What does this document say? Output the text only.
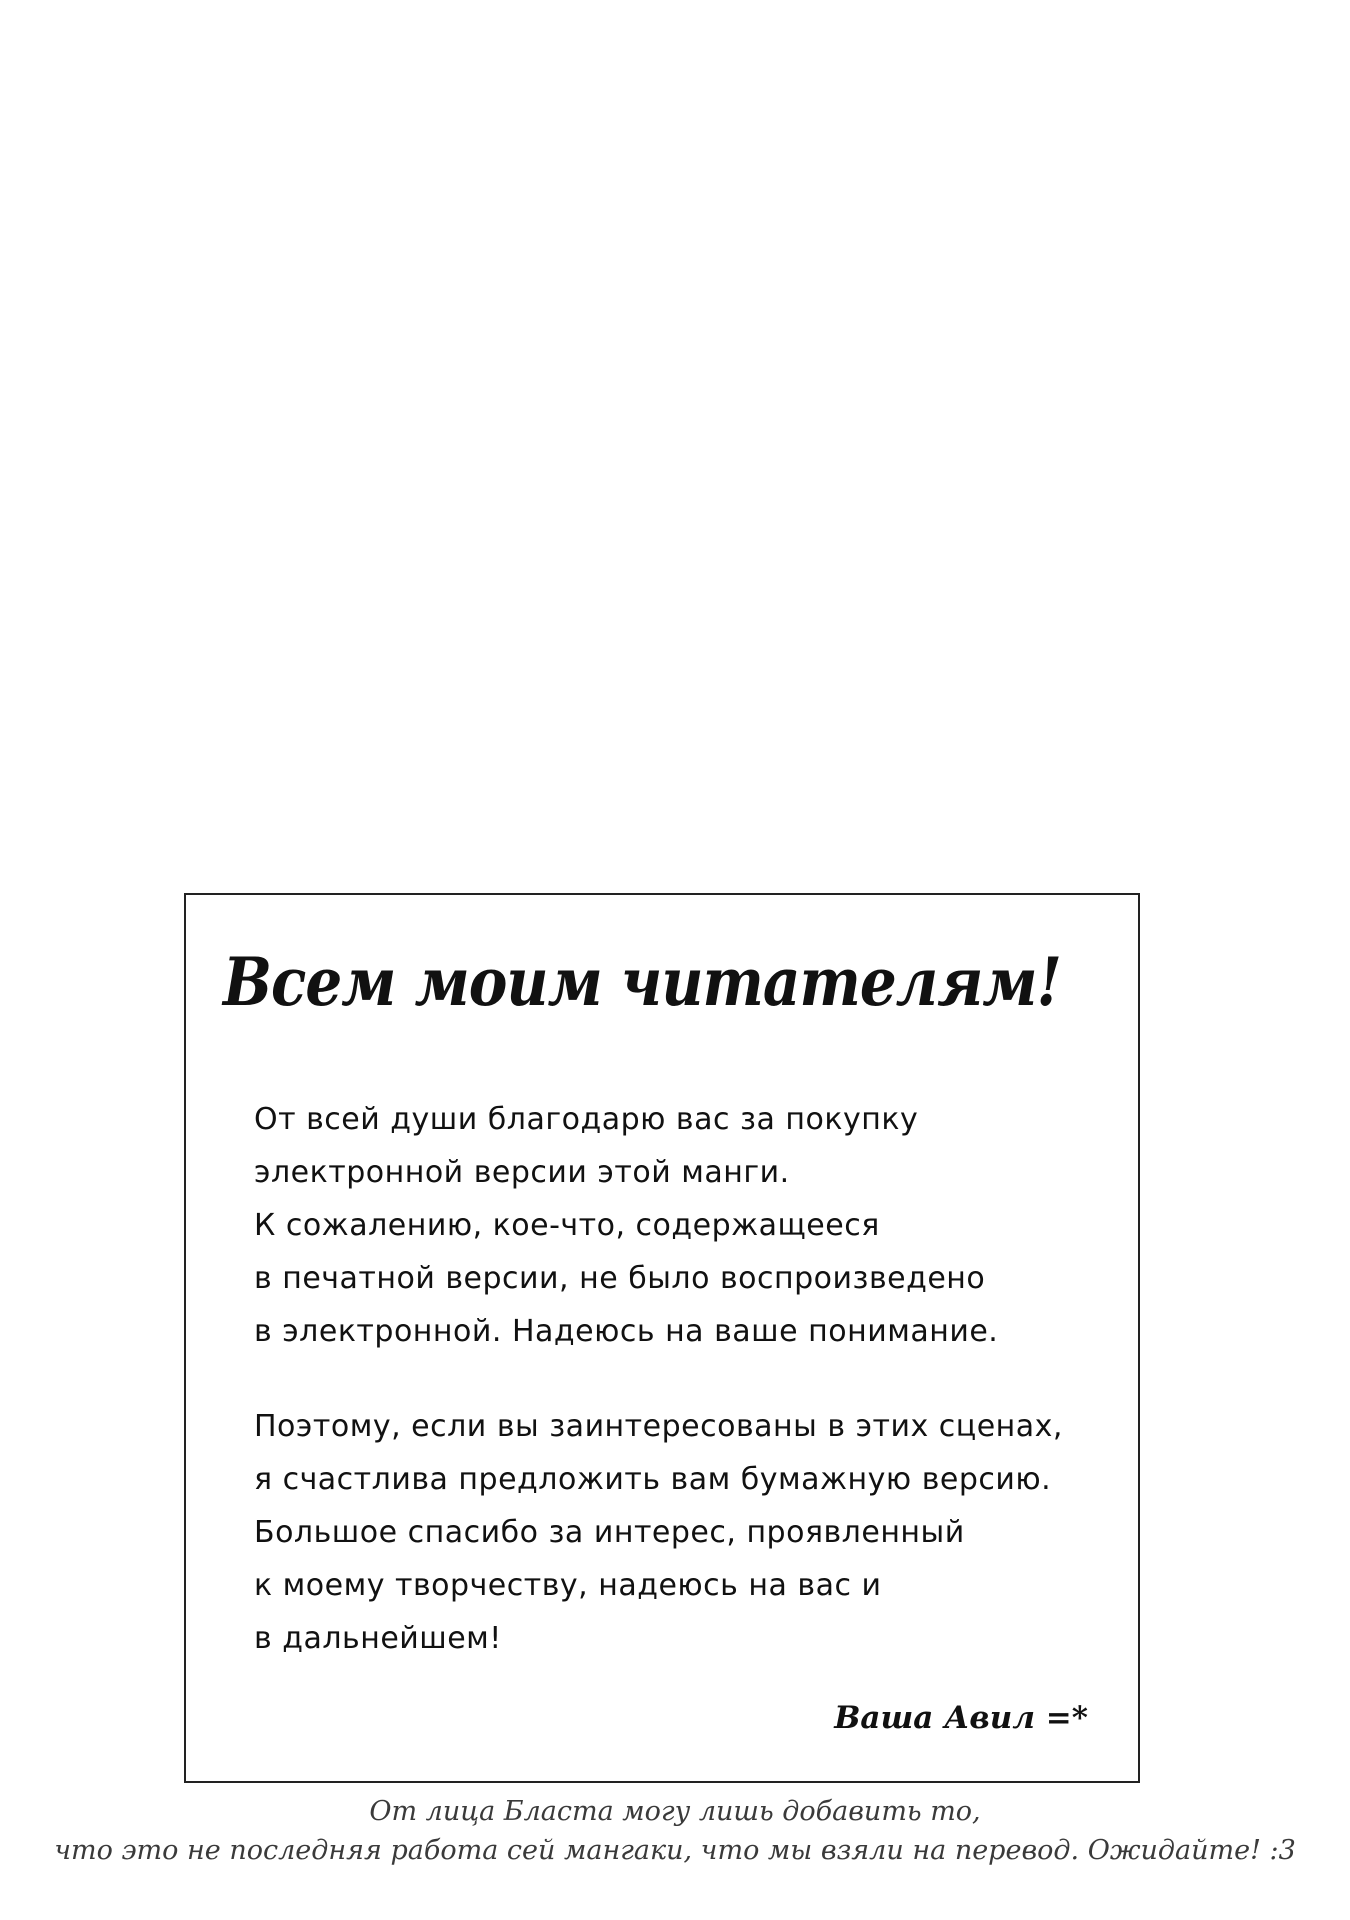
Всем моим читателям!

От всей души благодарю вас за покупку
электронной версии этой манги.
К сожалению, кое-что, содержащееся
в печатной версии, не было воспроизведено
в электронной. Надеюсь на ваше понимание.

Поэтому, если вы заинтересованы в этих сценах,
я счастлива предложить вам бумажную версию.
Большое спасибо за интерес, проявленный
к моему творчеству, надеюсь на вас и
в дальнейшем!

Ваша Авил =*

От лица Бласта могу лишь добавить то,
что это не последняя работа сей мангаки, что мы взяли на перевод. Ожидайте! :3
